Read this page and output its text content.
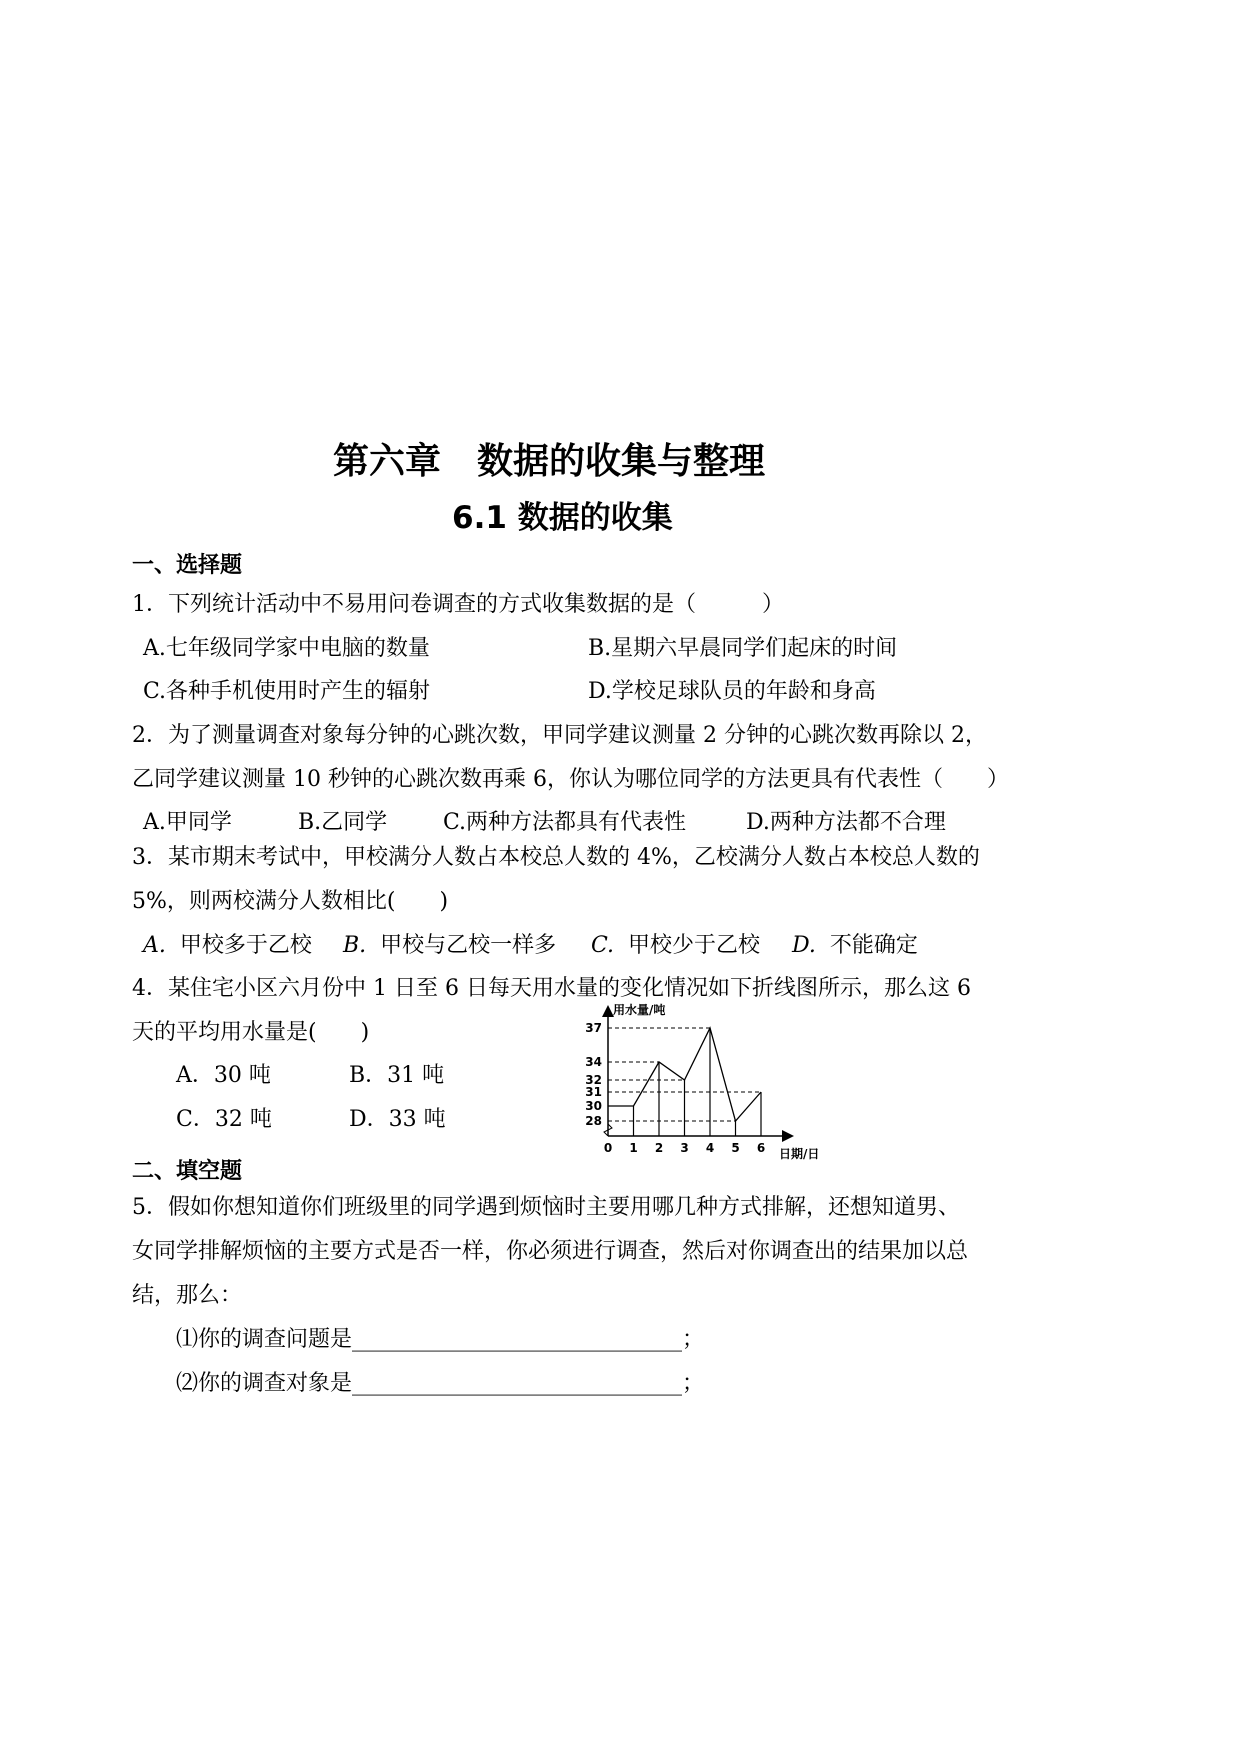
第六章　数据的收集与整理
6.1 数据的收集
一、选择题
1．下列统计活动中不易用问卷调查的方式收集数据的是（　　　）
A.七年级同学家中电脑的数量	B.星期六早晨同学们起床的时间
C.各种手机使用时产生的辐射	D.学校足球队员的年龄和身高
2．为了测量调查对象每分钟的心跳次数，甲同学建议测量 2 分钟的心跳次数再除以 2，
乙同学建议测量 10 秒钟的心跳次数再乘 6，你认为哪位同学的方法更具有代表性（　　）
A.甲同学	B.乙同学	C.两种方法都具有代表性	D.两种方法都不合理
3．某市期末考试中，甲校满分人数占本校总人数的 4%，乙校满分人数占本校总人数的
5%，则两校满分人数相比(　　)
A. 甲校多于乙校 B. 甲校与乙校一样多 C. 甲校少于乙校 D. 不能确定
4．某住宅小区六月份中 1 日至 6 日每天用水量的变化情况如下折线图所示，那么这 6
天的平均用水量是(　　)
A．30 吨	B．31 吨
C．32 吨	D．33 吨	28
30
31
32
34
37
0 1 2 3 4 5 6
用水量/吨
日期/日
二、填空题
5．假如你想知道你们班级里的同学遇到烦恼时主要用哪几种方式排解，还想知道男、
女同学排解烦恼的主要方式是否一样，你必须进行调查，然后对你调查出的结果加以总
结，那么：
⑴你的调查问题是______________________________；
⑵你的调查对象是______________________________；
